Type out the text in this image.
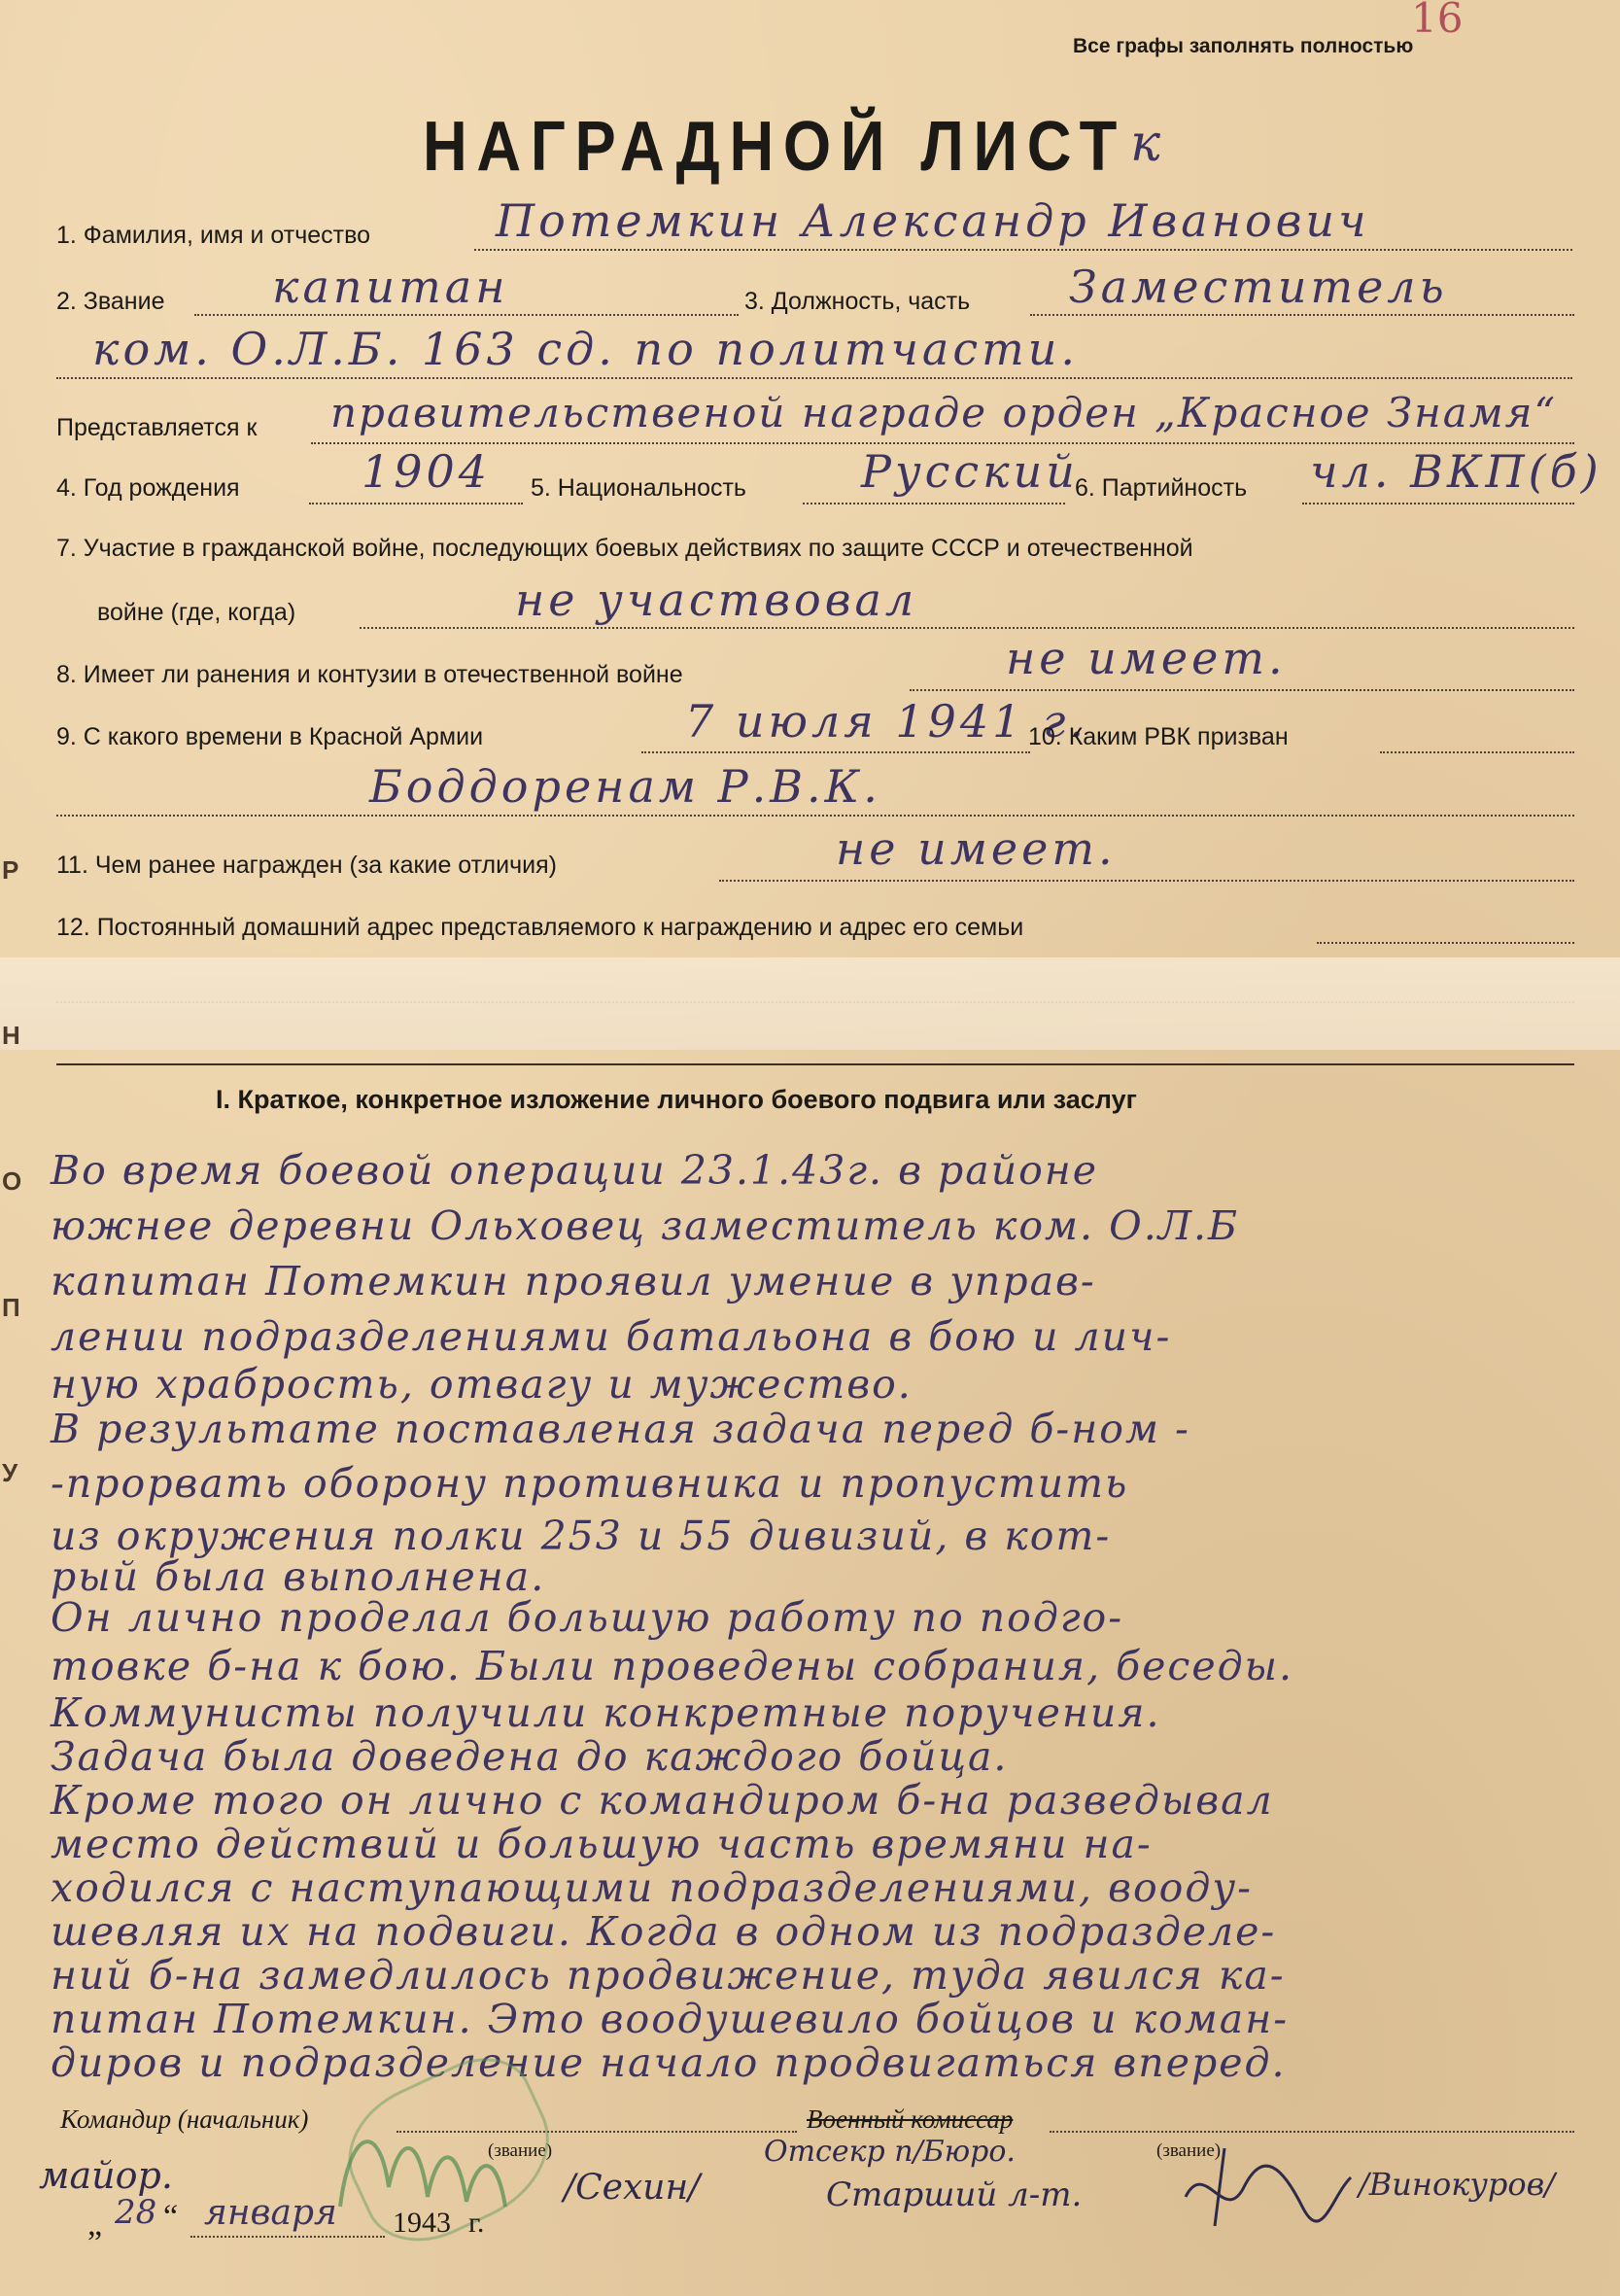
Все графы заполнять полностью
16
НАГРАДНОЙ ЛИСТ к
1. Фамилия, имя и отчество	Потемкин Александр Иванович
2. Звание капитан	3. Должность, часть Заместитель
ком. О.Л.Б. 163 сд. по политчасти.
Представляется к правительственой награде орден „Красное Знамя“
4. Год рождения	1904 5. Национальность	Русский
6. Партийность чл. ВКП(б)
7. Участие в гражданской войне, последующих боевых действиях по защите СССР и отечественной
войне (где, когда)	не участвовал
8. Имеет ли ранения и контузии в отечественной войне	не имеет.
9. С какого времени в Красной Армии	7 июля 1941 г.
10. Каким РВК призван
Боддоренам Р.В.К.
11. Чем ранее награжден (за какие отличия)	не имеет.
12. Постоянный домашний адрес представляемого к награждению и адрес его семьи
I. Краткое, конкретное изложение личного боевого подвига или заслуг
Во время боевой операции 23.1.43г. в районе
южнее деревни Ольховец заместитель ком. О.Л.Б
капитан Потемкин проявил умение в управ-
лении подразделениями батальона в бою и лич-
ную храбрость, отвагу и мужество.
В результате поставленая задача перед б-ном -
-прорвать оборону противника и пропустить
из окружения полки 253 и 55 дивизий, в кот-
рый была выполнена.
Он лично проделал большую работу по подго-
товке б-на к бою. Были проведены собрания, беседы.
Коммунисты получили конкретные поручения.
Задача была доведена до каждого бойца.
Кроме того он лично с командиром б-на разведывал
место действий и большую часть времяни на-
ходился с наступающими подразделениями, вооду-
шевляя их на подвиги. Когда в одном из подразделе-
ний б-на замедлилось продвижение, туда явился ка-
питан Потемкин. Это воодушевило бойцов и коман-
диров и подразделение начало продвигаться вперед.
Командир (начальник)	Военный комиссар
(звание)	(звание)
майор.	/Сехин/
Отсекр п/Бюро.
Старший л-т.	/Винокуров/
„ 28 “ января 1943 г.
Р
Н
О
П
У
